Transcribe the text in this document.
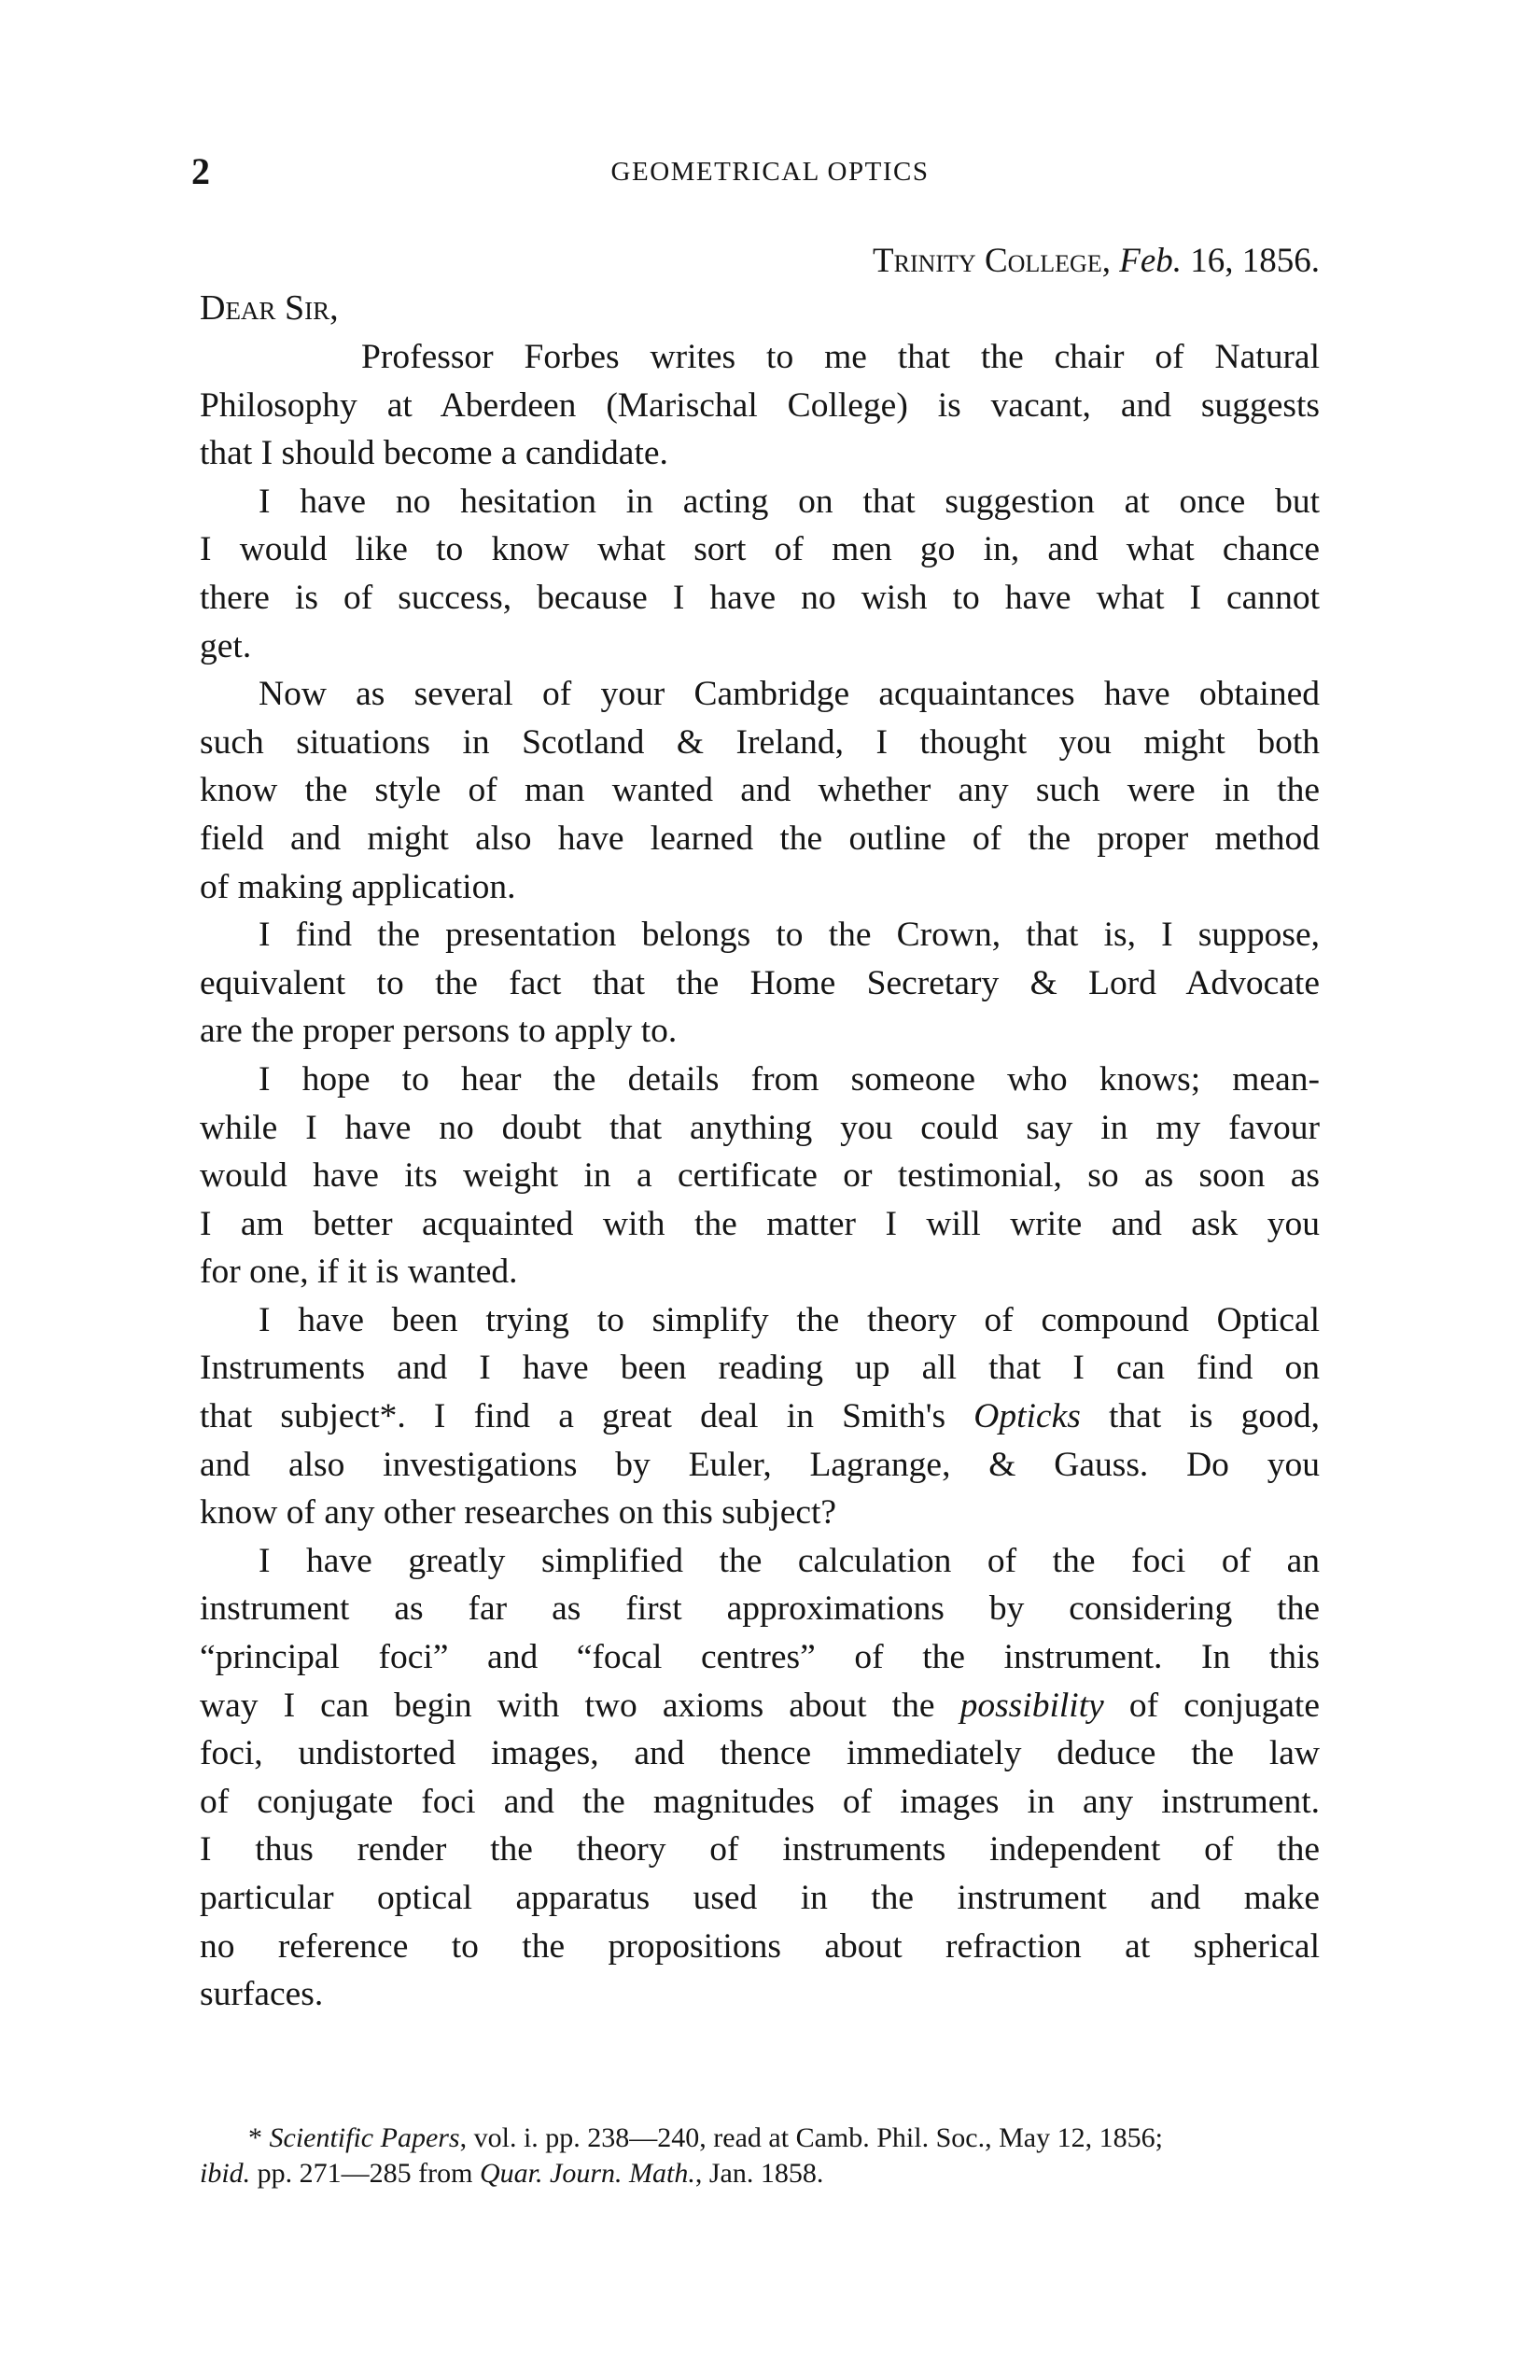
2	GEOMETRICAL OPTICS
Trinity College, Feb. 16, 1856.
Dear Sir,
Professor Forbes writes to me that the chair of Natural
Philosophy at Aberdeen (Marischal College) is vacant, and suggests
that I should become a candidate.
I have no hesitation in acting on that suggestion at once but
I would like to know what sort of men go in, and what chance
there is of success, because I have no wish to have what I cannot
get.
Now as several of your Cambridge acquaintances have obtained
such situations in Scotland & Ireland, I thought you might both
know the style of man wanted and whether any such were in the
field and might also have learned the outline of the proper method
of making application.
I find the presentation belongs to the Crown, that is, I suppose,
equivalent to the fact that the Home Secretary & Lord Advocate
are the proper persons to apply to.
I hope to hear the details from someone who knows; mean-
while I have no doubt that anything you could say in my favour
would have its weight in a certificate or testimonial, so as soon as
I am better acquainted with the matter I will write and ask you
for one, if it is wanted.
I have been trying to simplify the theory of compound Optical
Instruments and I have been reading up all that I can find on
that subject*. I find a great deal in Smith's Opticks that is good,
and also investigations by Euler, Lagrange, & Gauss. Do you
know of any other researches on this subject?
I have greatly simplified the calculation of the foci of an
instrument as far as first approximations by considering the
“principal foci” and “focal centres” of the instrument. In this
way I can begin with two axioms about the possibility of conjugate
foci, undistorted images, and thence immediately deduce the law
of conjugate foci and the magnitudes of images in any instrument.
I thus render the theory of instruments independent of the
particular optical apparatus used in the instrument and make
no reference to the propositions about refraction at spherical
surfaces.
* Scientific Papers, vol. i. pp. 238—240, read at Camb. Phil. Soc., May 12, 1856;
ibid. pp. 271—285 from Quar. Journ. Math., Jan. 1858.
